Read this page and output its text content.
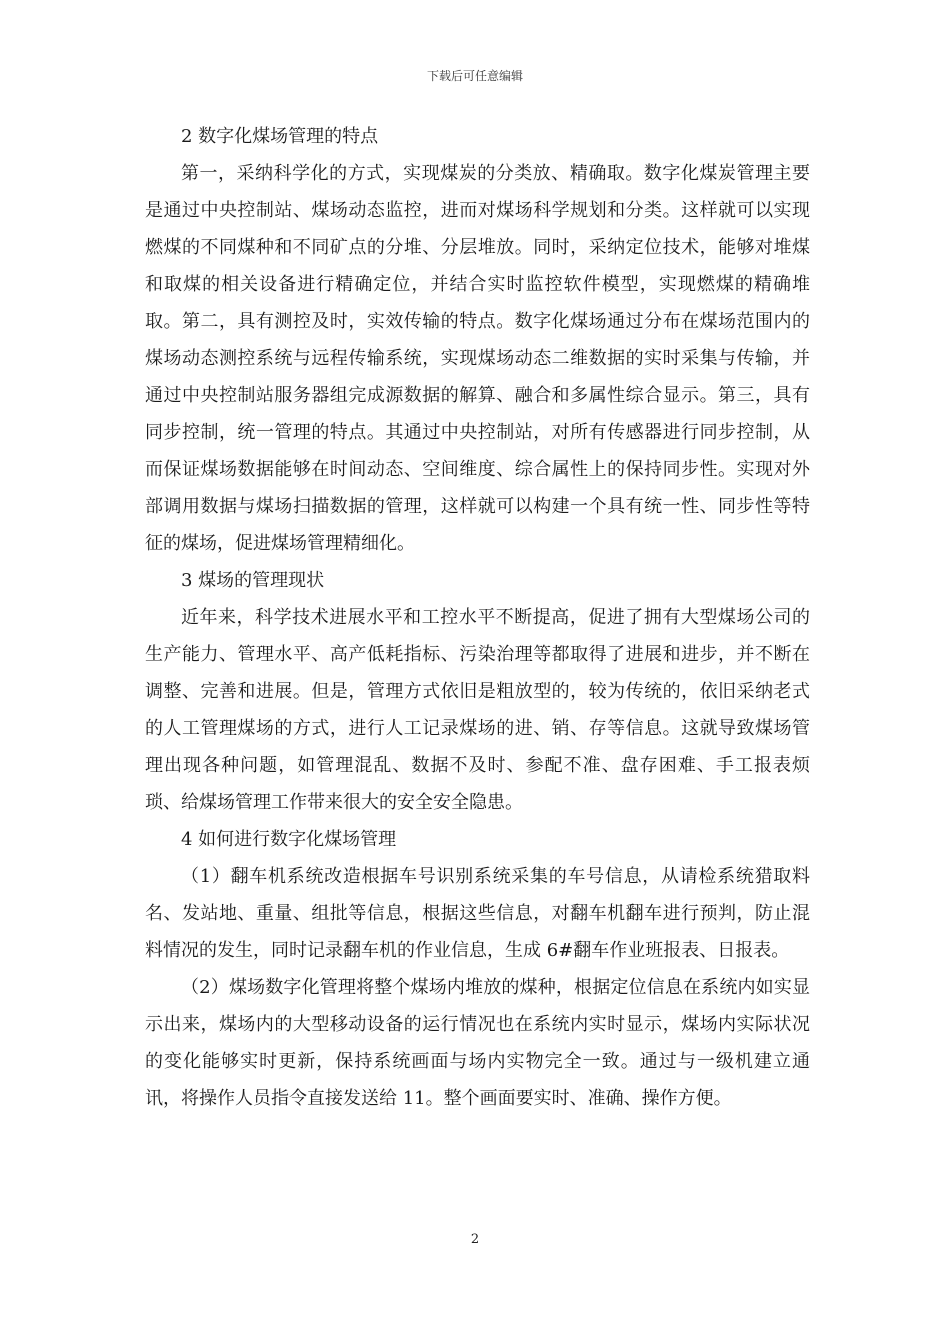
下载后可任意编辑
2 数字化煤场管理的特点

第一，采纳科学化的方式，实现煤炭的分类放、精确取。数字化煤炭管理主要是通过中央控制站、煤场动态监控，进而对煤场科学规划和分类。这样就可以实现燃煤的不同煤种和不同矿点的分堆、分层堆放。同时，采纳定位技术，能够对堆煤和取煤的相关设备进行精确定位，并结合实时监控软件模型，实现燃煤的精确堆取。第二，具有测控及时，实效传输的特点。数字化煤场通过分布在煤场范围内的煤场动态测控系统与远程传输系统，实现煤场动态二维数据的实时采集与传输，并通过中央控制站服务器组完成源数据的解算、融合和多属性综合显示。第三，具有同步控制，统一管理的特点。其通过中央控制站，对所有传感器进行同步控制，从而保证煤场数据能够在时间动态、空间维度、综合属性上的保持同步性。实现对外部调用数据与煤场扫描数据的管理，这样就可以构建一个具有统一性、同步性等特征的煤场，促进煤场管理精细化。

3 煤场的管理现状

近年来，科学技术进展水平和工控水平不断提高，促进了拥有大型煤场公司的生产能力、管理水平、高产低耗指标、污染治理等都取得了进展和进步，并不断在调整、完善和进展。但是，管理方式依旧是粗放型的，较为传统的，依旧采纳老式的人工管理煤场的方式，进行人工记录煤场的进、销、存等信息。这就导致煤场管理出现各种问题，如管理混乱、数据不及时、参配不准、盘存困难、手工报表烦琐、给煤场管理工作带来很大的安全安全隐患。

4 如何进行数字化煤场管理

（1）翻车机系统改造根据车号识别系统采集的车号信息，从请检系统猎取料名、发站地、重量、组批等信息，根据这些信息，对翻车机翻车进行预判，防止混料情况的发生，同时记录翻车机的作业信息，生成 6#翻车作业班报表、日报表。

（2）煤场数字化管理将整个煤场内堆放的煤种，根据定位信息在系统内如实显示出来，煤场内的大型移动设备的运行情况也在系统内实时显示，煤场内实际状况的变化能够实时更新，保持系统画面与场内实物完全一致。通过与一级机建立通讯，将操作人员指令直接发送给 11。整个画面要实时、准确、操作方便。

2
